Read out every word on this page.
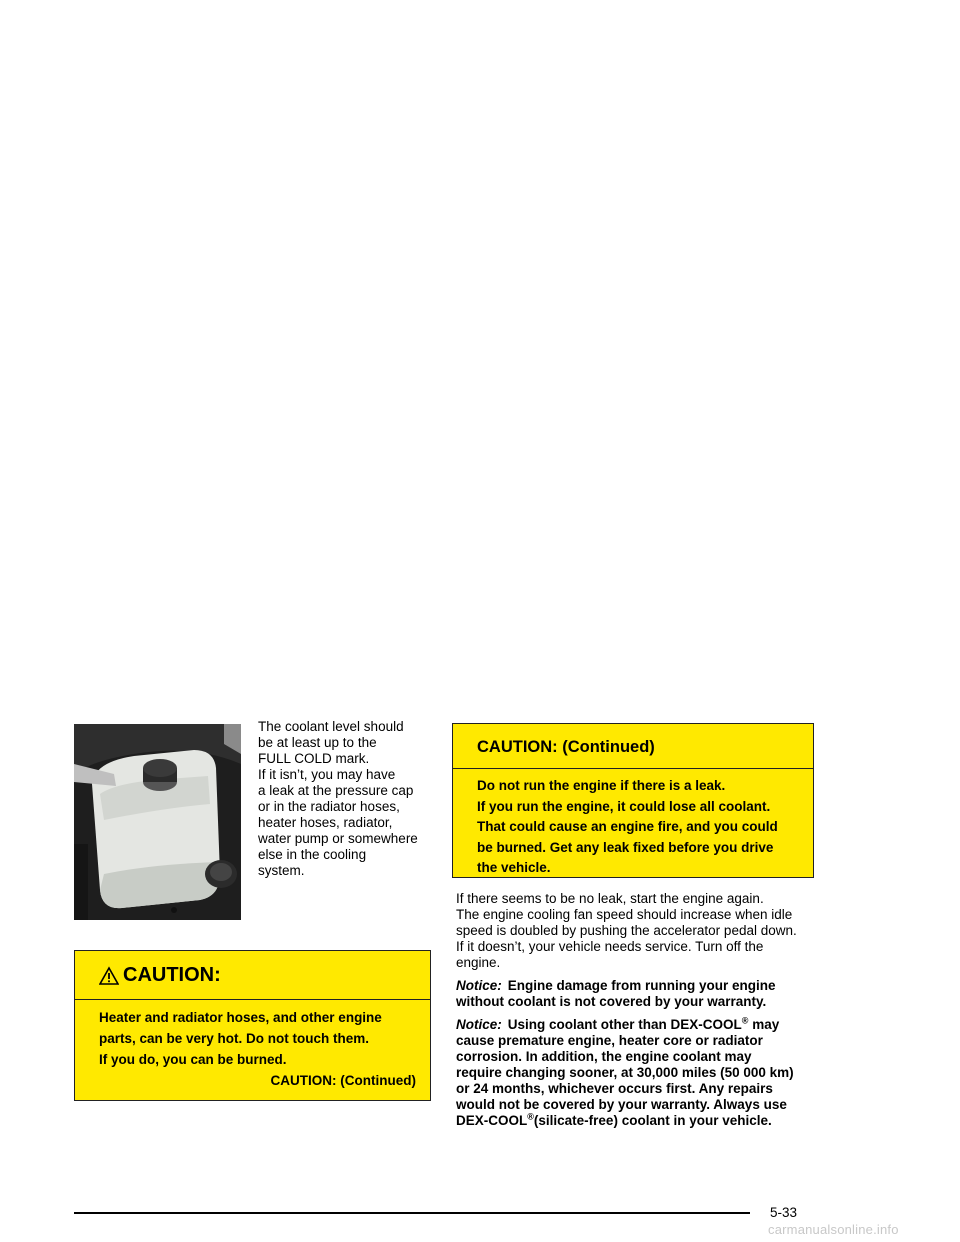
The coolant level should
be at least up to the
FULL COLD mark.
If it isn’t, you may have
a leak at the pressure cap
or in the radiator hoses,
heater hoses, radiator,
water pump or somewhere
else in the cooling
system.
CAUTION:
Heater and radiator hoses, and other engine
parts, can be very hot. Do not touch them.
If you do, you can be burned.
CAUTION: (Continued)
CAUTION: (Continued)
Do not run the engine if there is a leak.
If you run the engine, it could lose all coolant.
That could cause an engine fire, and you could
be burned. Get any leak fixed before you drive
the vehicle.
If there seems to be no leak, start the engine again.
The engine cooling fan speed should increase when idle
speed is doubled by pushing the accelerator pedal down.
If it doesn’t, your vehicle needs service. Turn off the
engine.
Notice: Engine damage from running your engine
without coolant is not covered by your warranty.
Notice: Using coolant other than DEX-COOL® may
cause premature engine, heater core or radiator
corrosion. In addition, the engine coolant may
require changing sooner, at 30,000 miles (50 000 km)
or 24 months, whichever occurs first. Any repairs
would not be covered by your warranty. Always use
DEX-COOL®(silicate-free) coolant in your vehicle.
5-33
carmanualsonline.info
